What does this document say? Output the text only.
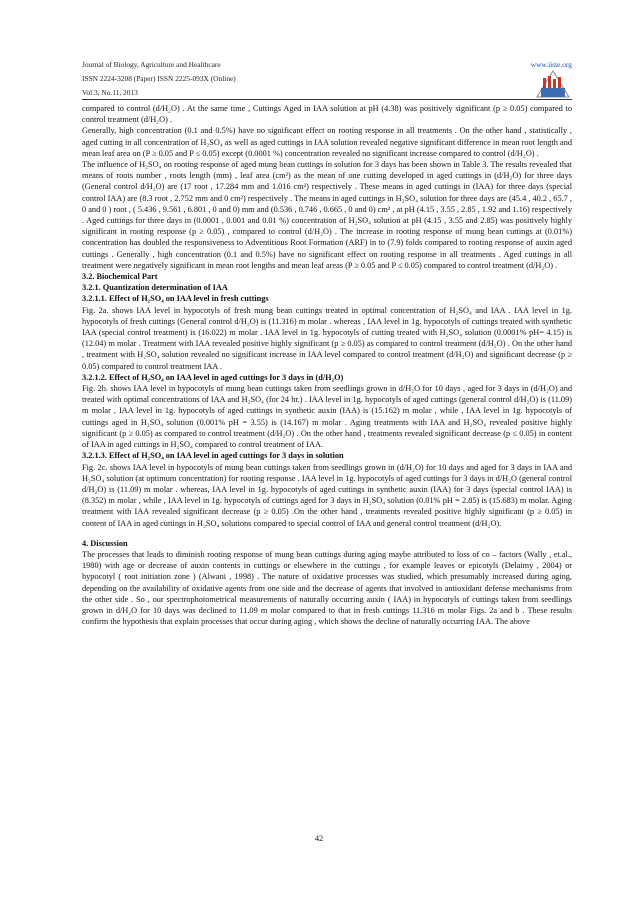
Journal of Biology, Agriculture and Healthcare	www.iiste.org
ISSN 2224-3208 (Paper) ISSN 2225-093X (Online)
Vol.3, No.11, 2013

compared to control (d/H₂O) . At the same time , Cuttings Aged in IAA solution at pH (4.38) was positively significant (p ≥ 0.05) compared to control treatment (d/H₂O) .

Generally, high concentration (0.1 and 0.5%) have no significant effect on rooting response in all treatments . On the other hand , statistically , aged cutting in all concentration of H₂SO₄ as well as aged cuttings in IAA solution revealed negative significant difference in mean root length and mean leaf area on (P ≥ 0.05 and P ≤ 0.05) except (0.0001 %) concentration revealed no significant increase compared to control (d/H₂O) .

The influence of H₂SO₄ on rooting response of aged mung bean cuttings in solution for 3 days has been shown in Table 3. The results revealed that means of roots number , roots length (mm) , leaf area (cm²) as the mean of one cutting developed in aged cuttings in (d/H₂O) for three days (General control d/H₂O) are (17 root , 17.284 mm and 1.016 cm²) respectively . These means in aged cuttings in (IAA) for three days (special control IAA) are (8.3 root , 2.752 mm and 0 cm²) respectively . The means in aged cuttings in H₂SO₄ solution for three days are (45.4 , 40.2 , 65.7 , 0 and 0 ) root , ( 5.436 , 9.561 , 6.801 , 0 and 0) mm and (0.536 , 0.746 , 0.665 , 0 and 0) cm² , at pH (4.15 , 3.55 , 2.85 , 1.92 and 1.16) respectively . Aged cuttings for three days in (0.0001 , 0.001 and 0.01 %) concentration of H₂SO₄ solution at pH (4.15 , 3.55 and 2.85) was positively highly significant in rooting response (p ≥ 0.05) , compared to control (d/H₂O) . The increase in rooting response of mung bean cuttings at (0.01%) concentration has doubled the responsiveness to Adventitious Root Formation (ARF) in to (7.9) folds compared to rooting response of auxin aged cuttings . Generally , high concentration (0.1 and 0.5%) have no significant effect on rooting response in all treatments . Aged cuttings in all treatment were negatively significant in mean root lengths and mean leaf areas (P ≥ 0.05 and P ≤ 0.05) compared to control treatment (d/H₂O) .

3.2. Biochemical Part

3.2.1. Quantization determination of IAA

3.2.1.1. Effect of H₂SO₄ on IAA level in fresh cuttings

Fig. 2a. shows IAA level in hypocotyls of fresh mung bean cuttings treated in optimal concentration of H₂SO₄ and IAA . IAA level in 1g. hypocotyls of fresh cuttings (General control d/H₂O) is (11.316) m molar . whereas , IAA level in 1g. hypocotyls of cuttings treated with synthetic IAA (special control treatment) is (16.022) m molar . IAA level in 1g. hypocotyls of cutting treated with H₂SO₄ solution (0.0001% pH= 4.15) is (12.04) m molar . Treatment with IAA revealed positive highly significant (p ≥ 0.05) as compared to control treatment (d/H₂O) . On the other hand , treatment with H₂SO₄ solution revealed no significant increase in IAA level compared to control treatment (d/H₂O) and significant decrease (p ≥ 0.05) compared to control treatment IAA .

3.2.1.2. Effect of H₂SO₄ on IAA level in aged cuttings for 3 days in (d/H₂O)

Fig. 2b. shows IAA level in hypocotyls of mung bean cuttings taken from seedlings grown in d/H₂O for 10 days , aged for 3 days in (d/H₂O) and treated with optimal concentrations of IAA and H₂SO₄ (for 24 hr.) . IAA level in 1g. hypocotyls of aged cuttings (general control d/H₂O) is (11.09) m molar , IAA level in 1g. hypocotyls of aged cuttings in synthetic auxin (IAA) is (15.162) m molar , while , IAA level in 1g. hypocotyls of cuttings aged in H₂SO₄ solution (0.001% pH = 3.55) is (14.167) m molar . Aging treatments with IAA and H₂SO₄ revealed positive highly significant (p ≥ 0.05) as compared to control treatment (d/H₂O) . On the other hand , treatments revealed significant decrease (p ≤ 0.05) in content of IAA in aged cuttings in H₂SO₄ compared to control treatment of IAA.

3.2.1.3. Effect of H₂SO₄ on IAA level in aged cuttings for 3 days in solution

Fig. 2c. shows IAA level in hypocotyls of mung bean cuttings taken from seedlings grown in (d/H₂O) for 10 days and aged for 3 days in IAA and H₂SO₄ solution (at optimum concentration) for rooting response . IAA level in 1g. hypocotyls of aged cuttings for 3 days in d/H₂O (general control d/H₂O) is (11.09) m molar . whereas, IAA level in 1g. hypocotyls of aged cuttings in synthetic auxin (IAA) for 3 days (special control IAA) is (8.352) m molar , while , IAA level in 1g. hypocotyls of cuttings aged for 3 days in H₂SO₄ solution (0.01% pH = 2.85) is (15.683) m molar. Aging treatment with IAA revealed significant decrease (p ≥ 0.05) .On the other hand , treatments revealed positive highly significant (p ≥ 0.05) in content of IAA in aged cuttings in H₂SO₄ solutions compared to special control of IAA and general control treatment (d/H₂O).

4. Discussion

The processes that leads to diminish rooting response of mung bean cuttings during aging maybe attributed to loss of co – factors (Wally , et.al., 1980) with age or decrease of auxin contents in cuttings or elsewhere in the cuttings , for example leaves or epicotyls (Delaimy , 2004) or hypocotyl ( root initiation zone ) (Alwani , 1998) . The nature of oxidative processes was studied, which presumably increased during aging, depending on the availability of oxidative agents from one side and the decrease of agents that involved in antioxidant defense mechanisms from the other side . So , our spectrophotometrical measurements of naturally occurring auxin ( IAA) in hypocotyls of cuttings taken from seedlings grown in d/H₂O for 10 days was declined to 11.09 m molar compared to that in fresh cuttings 11.316 m molar Figs. 2a and b . These results confirm the hypothesis that explain processes that occur during aging , which shows the decline of naturally occurring IAA. The above

42
